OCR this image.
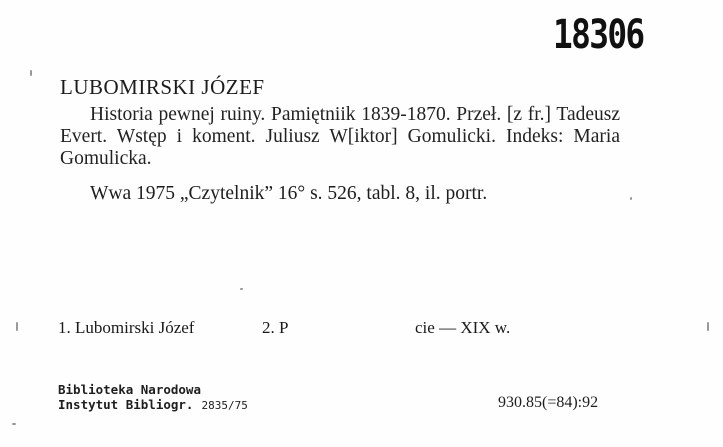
18306
LUBOMIRSKI JÓZEF
Historia pewnej ruiny. Pamiętniik 1839-1870. Przeł. [z fr.] Tadeusz Evert. Wstęp i koment. Juliusz W[iktor] Gomulicki. Indeks: Maria Gomulicka.
Wwa 1975 „Czytelnik” 16° s. 526, tabl. 8, il. portr.
1. Lubomirski Józef	2. P	cie — XIX w.
Biblioteka Narodowa
Instytut Bibliogr. 2835/75	930.85(=84):92
